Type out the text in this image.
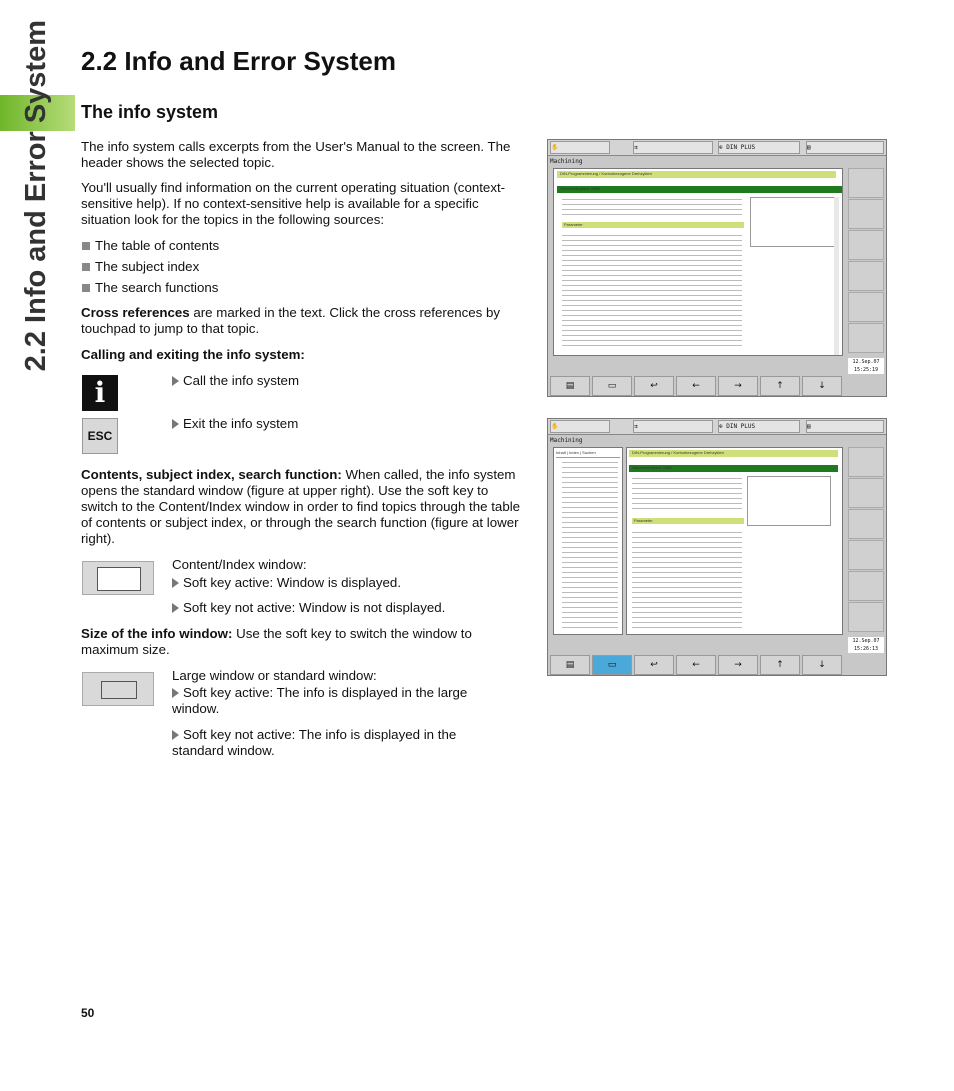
2.2 Info and Error System	2.2 Info and Error System
The info system

The info system calls excerpts from the User's Manual to the screen. The header shows the selected topic.

You'll usually find information on the current operating situation (context-sensitive help). If no context-sensitive help is available for a specific situation look for the topics in the following sources:

The table of contents
The subject index
The search functions

Cross references are marked in the text. Click the cross references by touchpad to jump to that topic.

Calling and exiting the info system:
i	Call the info system
ESC
Exit the info system

Contents, subject index, search function: When called, the info system opens the standard window (figure at upper right). Use the soft key to switch to the Content/Index window in order to find topics through the table of contents or subject index, or through the search function (figure at lower right).

Content/Index window:
Soft key active: Window is displayed.
Soft key not active: Window is not displayed.

Size of the info window: Use the soft key to switch the window to maximum size.

Large window or standard window:
Soft key active: The info is displayed in the large window.
Soft key not active: The info is displayed in the standard window.
50
✋	⇉	⊕ DIN PLUS	▤
Machining
DIN-Programmierung / Konturbezogene Drehzyklen
Stechdrehzyklus G869
Parameter
12.Sep.07
15:25:19
▤	▭	↩	←	→	↑	↓
✋	⇉	⊕ DIN PLUS	▤
Machining
Inhalt | Index | Suchen	DIN-Programmierung / Konturbezogene Drehzyklen
Stechdrehzyklus G869
Parameter
12.Sep.07
15:26:13
▤	▭	↩	←	→	↑	↓
